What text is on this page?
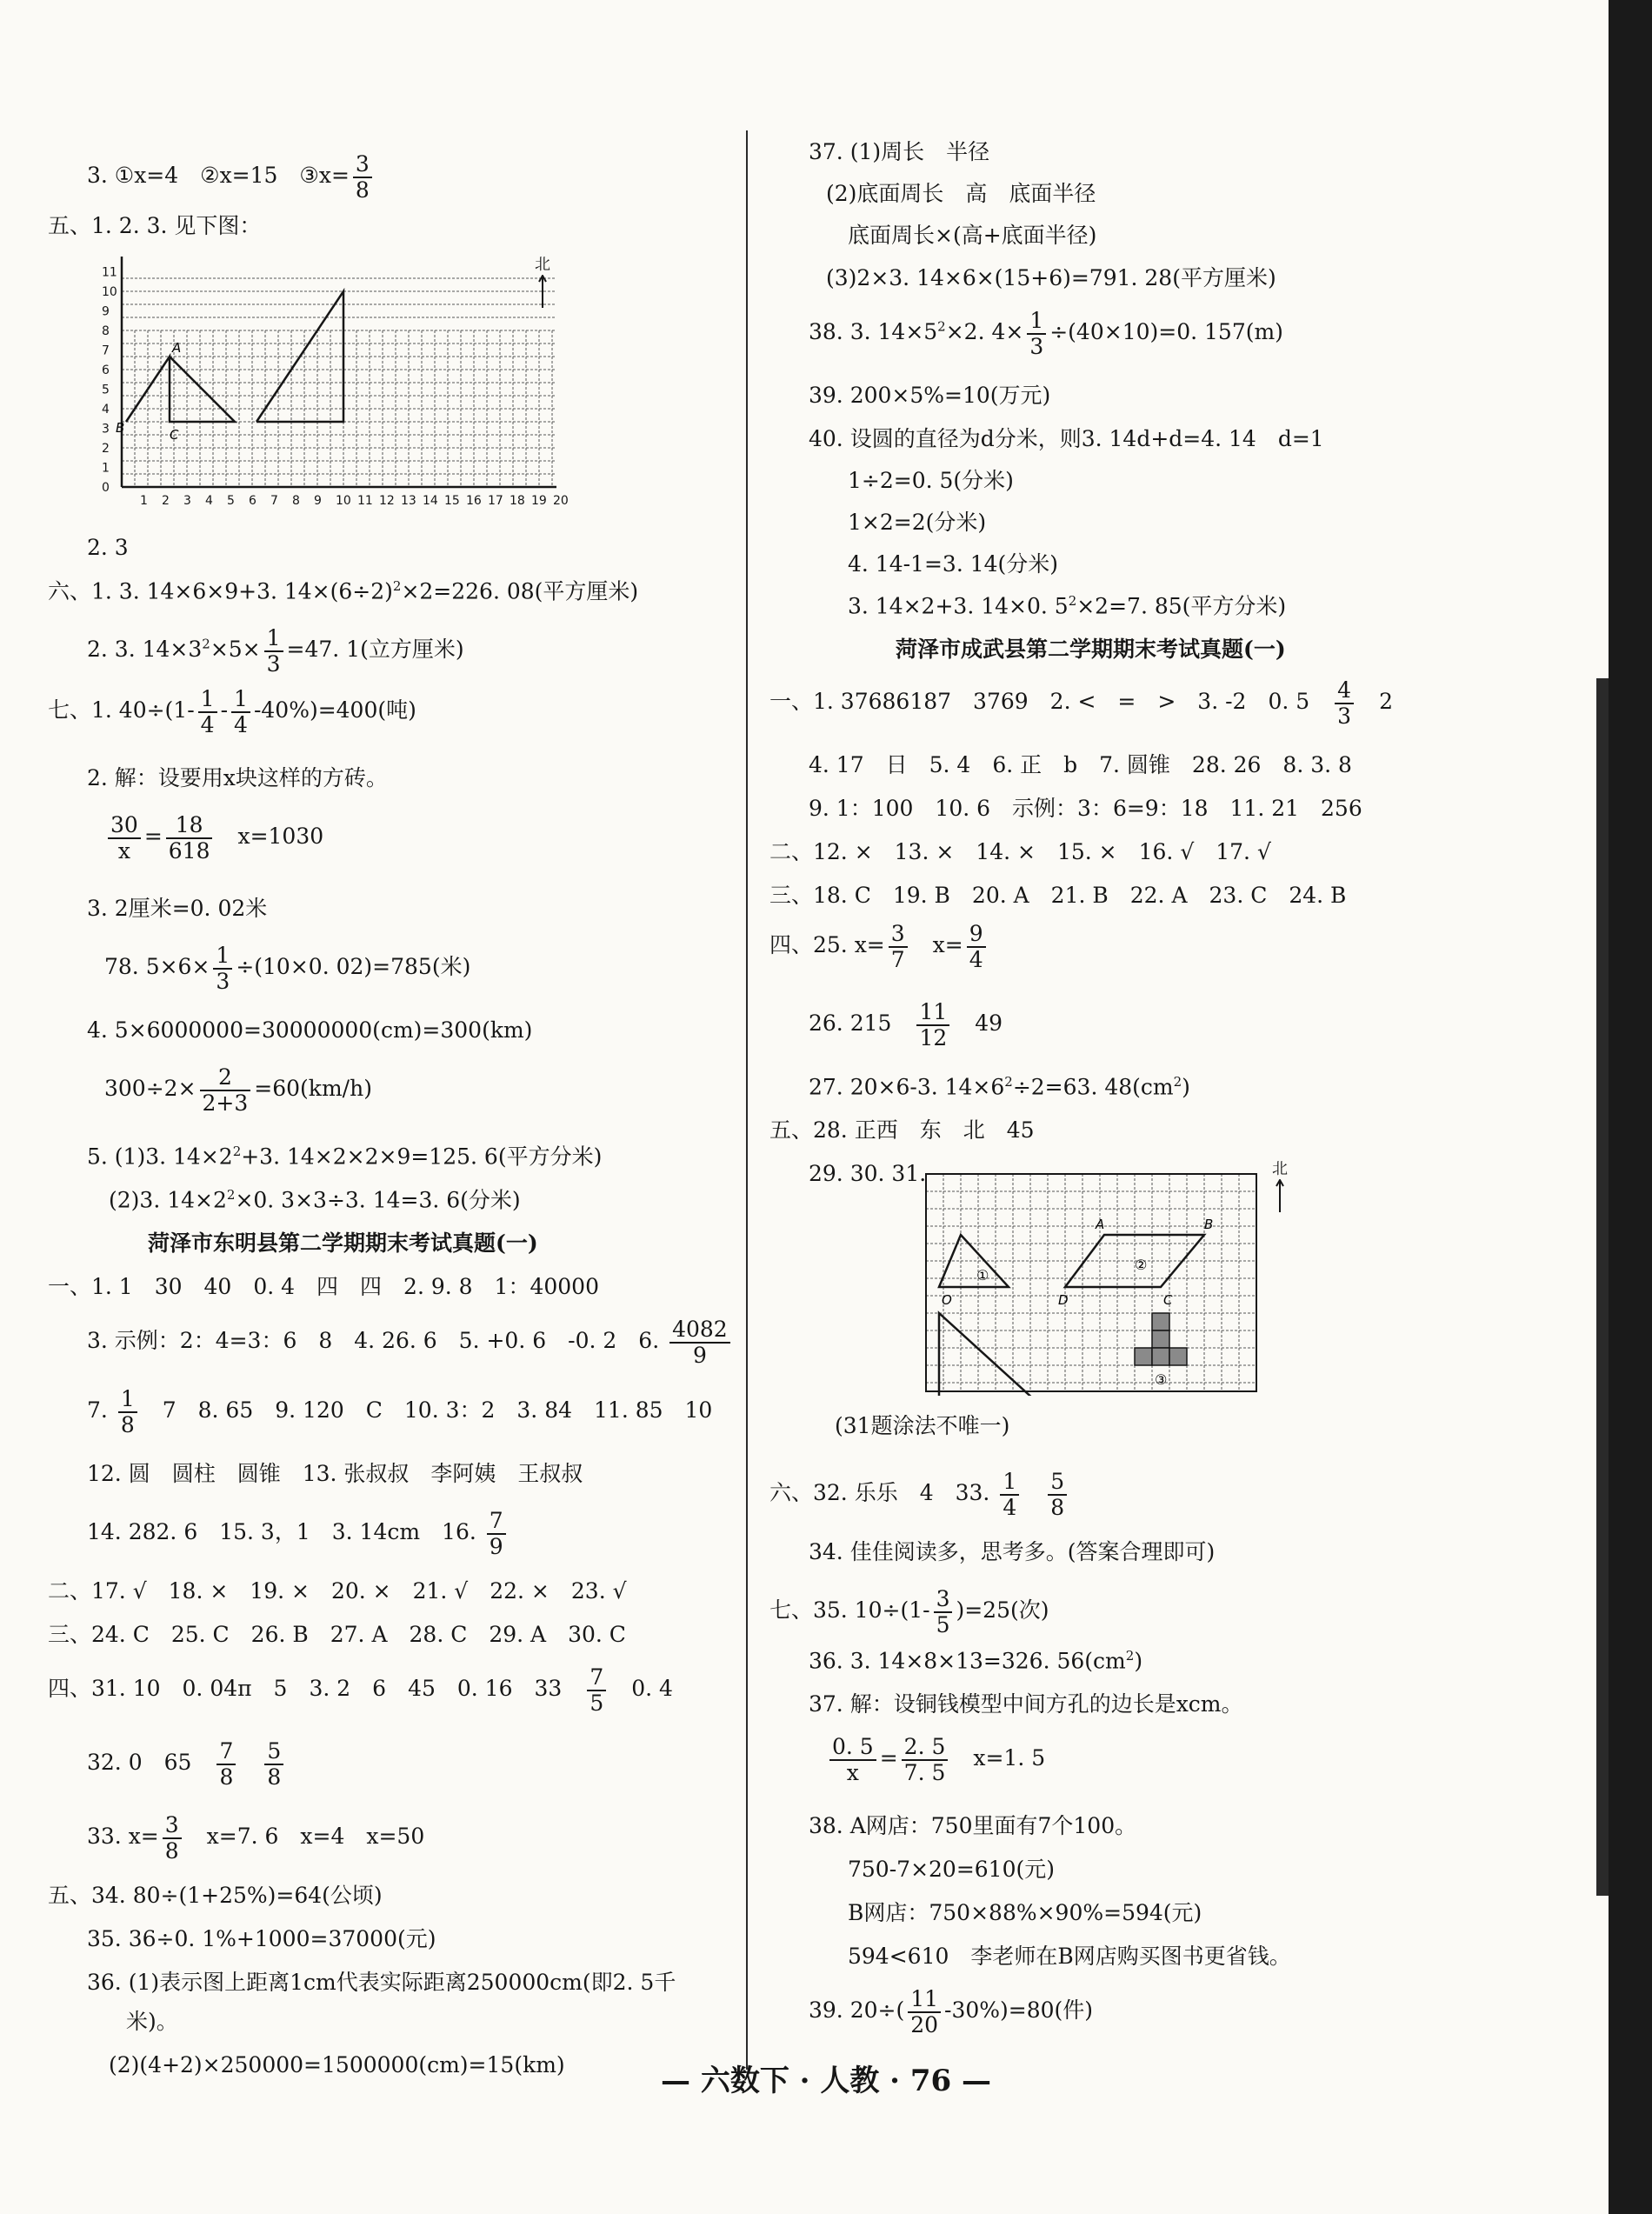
3. ①x=4　②x=15　③x= $\frac{3}{8}$
五、1. 2. 3. 见下图：
2. 3
六、1. 3. 14×6×9+3. $14\times(6\div 2)^2\times 2=226$. 08(平方厘米)
2. 3. $14\times 3^2\times 5\times \frac{1}{3} =47$. 1(立方厘米)
七、1. $40\div(1- \frac{1}{4} - \frac{1}{4} -40\%)=400$(吨)
2. 解：设要用x块这样的方砖。
$\frac{30}{x} = \frac{18}{618}$ 　x=1030
3. 2厘米=0. 02米
78. $5\times 6\times \frac{1}{3} \div(10\times 0$. 02)=785(米)
4. 5×6000000=30000000(cm)=300(km)
$300\div 2\times \frac{2}{2+3} =60(km/h)$
5. (1)3. $14\times 2^2+3$. 14×2×2×9=125. 6(平方分米)
(2)3. $14\times 2^2\times 0$. 3×3÷3. 14=3. 6(分米)
菏泽市东明县第二学期期末考试真题(一)
一、1. 1　30　40　0. 4　四　四　2. 9. 8　1：40000
3. 示例：2：4=3：6　8　4. 26. 6　5. +0. 6　-0. 2　6. $\frac{4082}{9}$
7. $\frac{1}{8}$ 　7　8. 65　9. 120　C　10. 3：2　3. 84　11. 85　10
12. 圆　圆柱　圆锥　13. 张叔叔　李阿姨　王叔叔
14. 282. 6　15. 3，1　3. 14cm　16. $\frac{7}{9}$
二、17. √　18. ×　19. ×　20. ×　21. √　22. ×　23. √
三、24. C　25. C　26. B　27. A　28. C　29. A　30. C
四、31. 10　0. 04π　5　3. 2　6　45　0. 16　33　 $\frac{7}{5}$ 　0. 4
32. 0　65　 $\frac{7}{8}$
　 $\frac{5}{8}$
33. $x= \frac{3}{8}$ 　x=7. 6　x=4　x=50
五、34. 80÷(1+25%)=64(公顷)
35. 36÷0. 1%+1000=37000(元)
36. (1)表示图上距离1cm代表实际距离250000cm(即2. 5千
米)。
(2)(4+2)×250000=1500000(cm)=15(km)
37. (1)周长　半径
(2)底面周长　高　底面半径
底面周长×(高+底面半径)
(3)2×3. 14×6×(15+6)=791. 28(平方厘米)
38. 3. $14\times 5^2\times 2$. $4\times \frac{1}{3} \div(40\times 10)=0$. 157(m)
39. 200×5%=10(万元)
40. 设圆的直径为d分米，则3. 14d+d=4. 14　d=1
1÷2=0. 5(分米)
1×2=2(分米)
4. 14-1=3. 14(分米)
3. 14×2+3. 14×0. $5^2\times 2=7$. 85(平方分米)
菏泽市成武县第二学期期末考试真题(一)
一、1. 37686187　3769　2. <　=　>　3. -2　0. 5　 $\frac{4}{3}$ 　2
4. 17　日　5. 4　6. 正　b　7. 圆锥　28. 26　8. 3. 8
9. 1：100　10. 6　示例：3：6=9：18　11. 21　256
二、12. ×　13. ×　14. ×　15. ×　16. √　17. √
三、18. C　19. B　20. A　21. B　22. A　23. C　24. B
四、25. $x= \frac{3}{7}$ 　$x= \frac{9}{4}$
26. 215　 $\frac{11}{12}$ 　49
27. 20×6-3. $14\times 6^2\div 2=63$. $48(cm^2)$
五、28. 正西　东　北　45
29. 30. 31.
(31题涂法不唯一)
六、32. 乐乐　4　33. $\frac{1}{4}$
　 $\frac{5}{8}$
34. 佳佳阅读多，思考多。(答案合理即可)
七、35. $10\div(1- \frac{3}{5} )=25$(次)
36. 3. 14×8×13=326. $56(cm^2)$
37. 解：设铜钱模型中间方孔的边长是xcm。
$\frac{0. 5}{x} = \frac{2. 5}{7. 5}$ 　x=1. 5
38. A网店：750里面有7个100。
750-7×20=610(元)
B网店：750×88%×90%=594(元)
594<610　李老师在B网店购买图书更省钱。
39. $20\div( \frac{11}{20} -30\%)=80$(件)
0
1
2
3
4
5
6
7
8
9
10
11
1 2 3 4 5 6 7 8 9 10 11 12 13 14 15 16 17 18 19 20
A
B	C
北
A	B
O	D	C
①
②
③
北
— 六数下 · 人教 · 76 —
